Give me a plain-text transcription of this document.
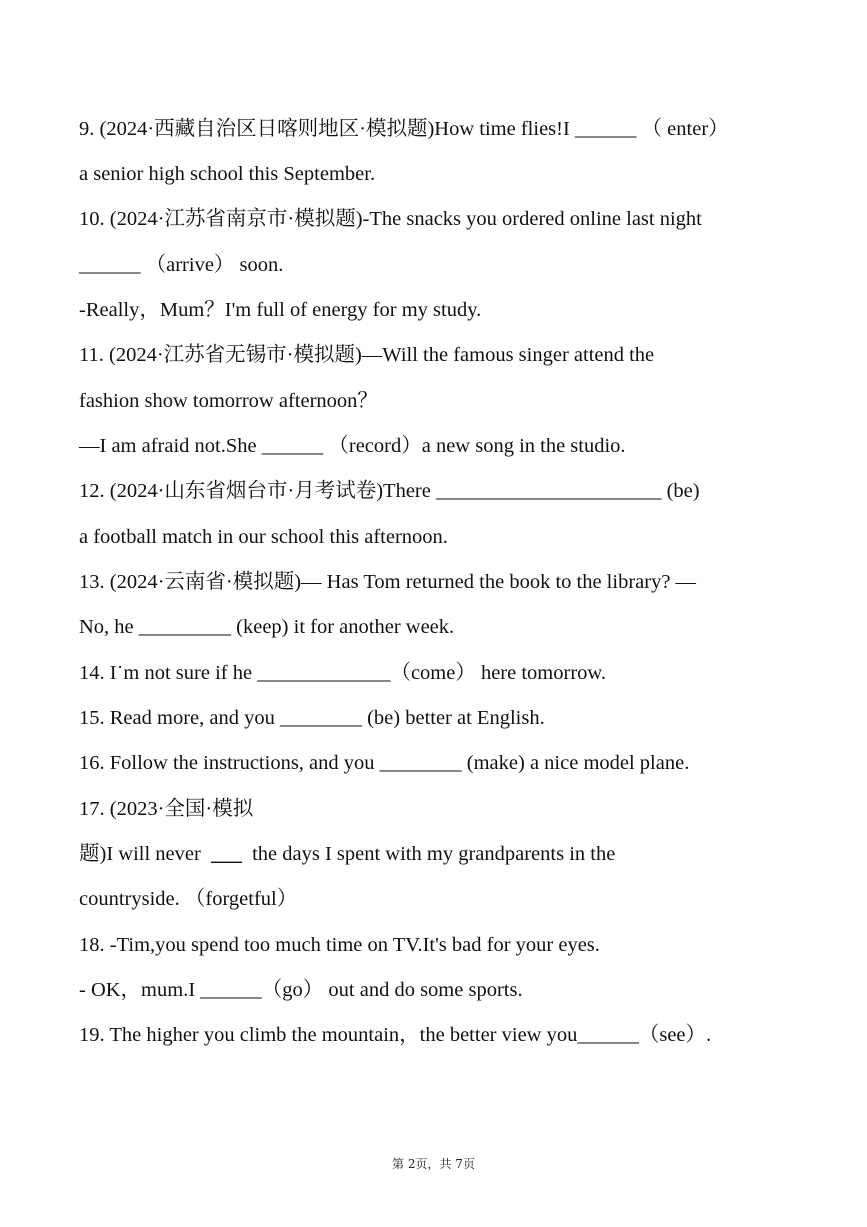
9. (2024·西藏自治区日喀则地区·模拟题)How time flies!I ______ （ enter）
a senior high school this September.
10. (2024·江苏省南京市·模拟题)-The snacks you ordered online last night
______ （arrive） soon.
-Really，Mum？I'm full of energy for my study.
11. (2024·江苏省无锡市·模拟题)—Will the famous singer attend the
fashion show tomorrow afternoon？
—I am afraid not.She ______ （record）a new song in the studio.
12. (2024·山东省烟台市·月考试卷)There ______________________ (be)
a football match in our school this afternoon.
13. (2024·云南省·模拟题)— Has Tom returned the book to the library? —
No, he _________ (keep) it for another week.
14. I˙m not sure if he _____________（come） here tomorrow.
15. Read more, and you ________ (be) better at English.
16. Follow the instructions, and you ________ (make) a nice model plane.
17. (2023·全国·模拟
题)I will never ___ the days I spent with my grandparents in the
countryside. （forgetful）
18. -Tim,you spend too much time on TV.It's bad for your eyes.
- OK，mum.I ______（go） out and do some sports.
19. The higher you climb the mountain，the better view you______（see）.
第 2页，共 7页
